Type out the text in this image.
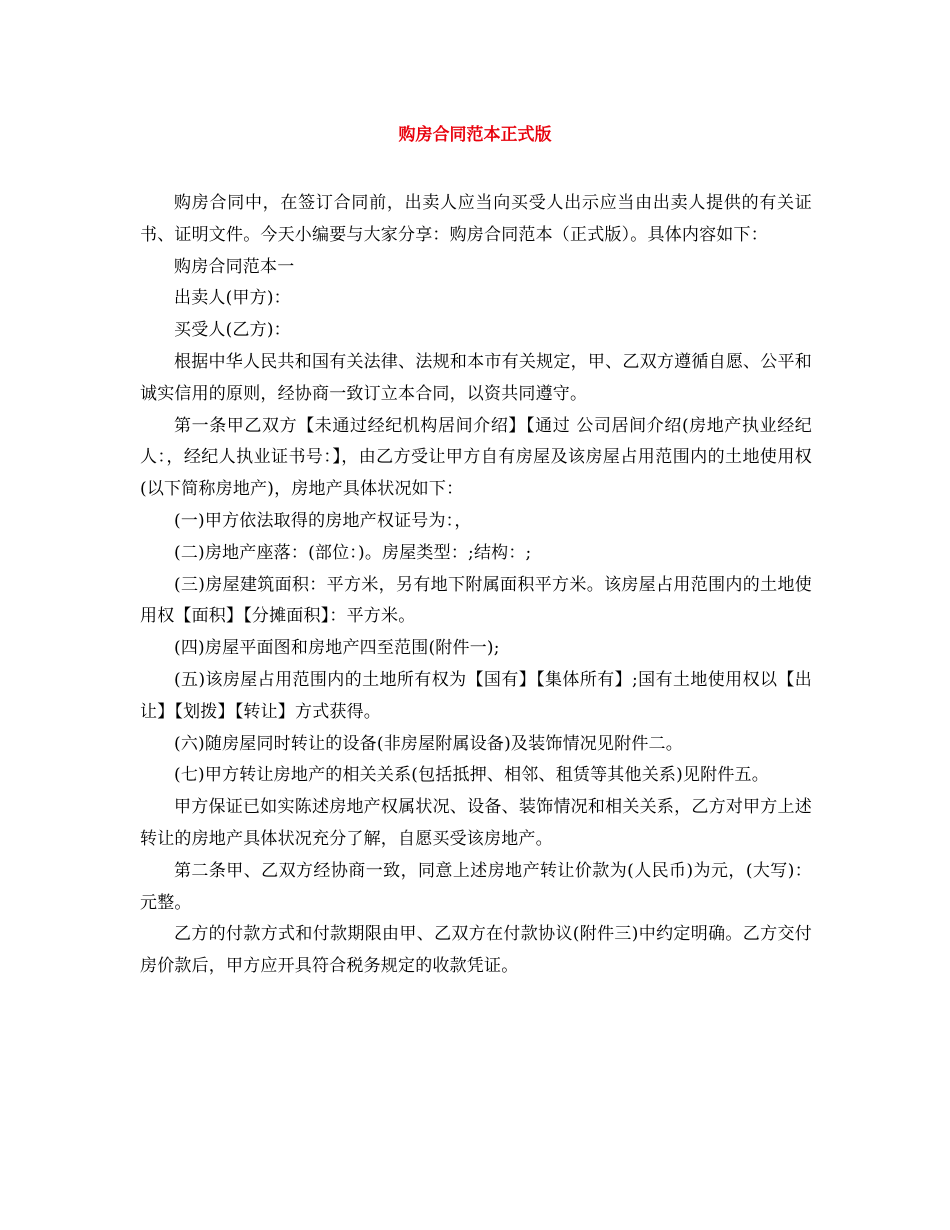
购房合同范本正式版

购房合同中，在签订合同前，出卖人应当向买受人出示应当由出卖人提供的有关证书、证明文件。今天小编要与大家分享：购房合同范本（正式版）。具体内容如下：

购房合同范本一

出卖人(甲方)：

买受人(乙方)：

根据中华人民共和国有关法律、法规和本市有关规定，甲、乙双方遵循自愿、公平和诚实信用的原则，经协商一致订立本合同，以资共同遵守。

第一条甲乙双方【未通过经纪机构居间介绍】【通过 公司居间介绍(房地产执业经纪人：，经纪人执业证书号：】，由乙方受让甲方自有房屋及该房屋占用范围内的土地使用权(以下简称房地产)，房地产具体状况如下：

(一)甲方依法取得的房地产权证号为：，

(二)房地产座落：(部位：)。房屋类型：;结构：;

(三)房屋建筑面积：平方米，另有地下附属面积平方米。该房屋占用范围内的土地使用权【面积】【分摊面积】：平方米。

(四)房屋平面图和房地产四至范围(附件一);

(五)该房屋占用范围内的土地所有权为【国有】【集体所有】;国有土地使用权以【出让】【划拨】【转让】方式获得。

(六)随房屋同时转让的设备(非房屋附属设备)及装饰情况见附件二。

(七)甲方转让房地产的相关关系(包括抵押、相邻、租赁等其他关系)见附件五。

甲方保证已如实陈述房地产权属状况、设备、装饰情况和相关关系，乙方对甲方上述转让的房地产具体状况充分了解，自愿买受该房地产。

第二条甲、乙双方经协商一致，同意上述房地产转让价款为(人民币)为元，(大写)：元整。

乙方的付款方式和付款期限由甲、乙双方在付款协议(附件三)中约定明确。乙方交付房价款后，甲方应开具符合税务规定的收款凭证。
